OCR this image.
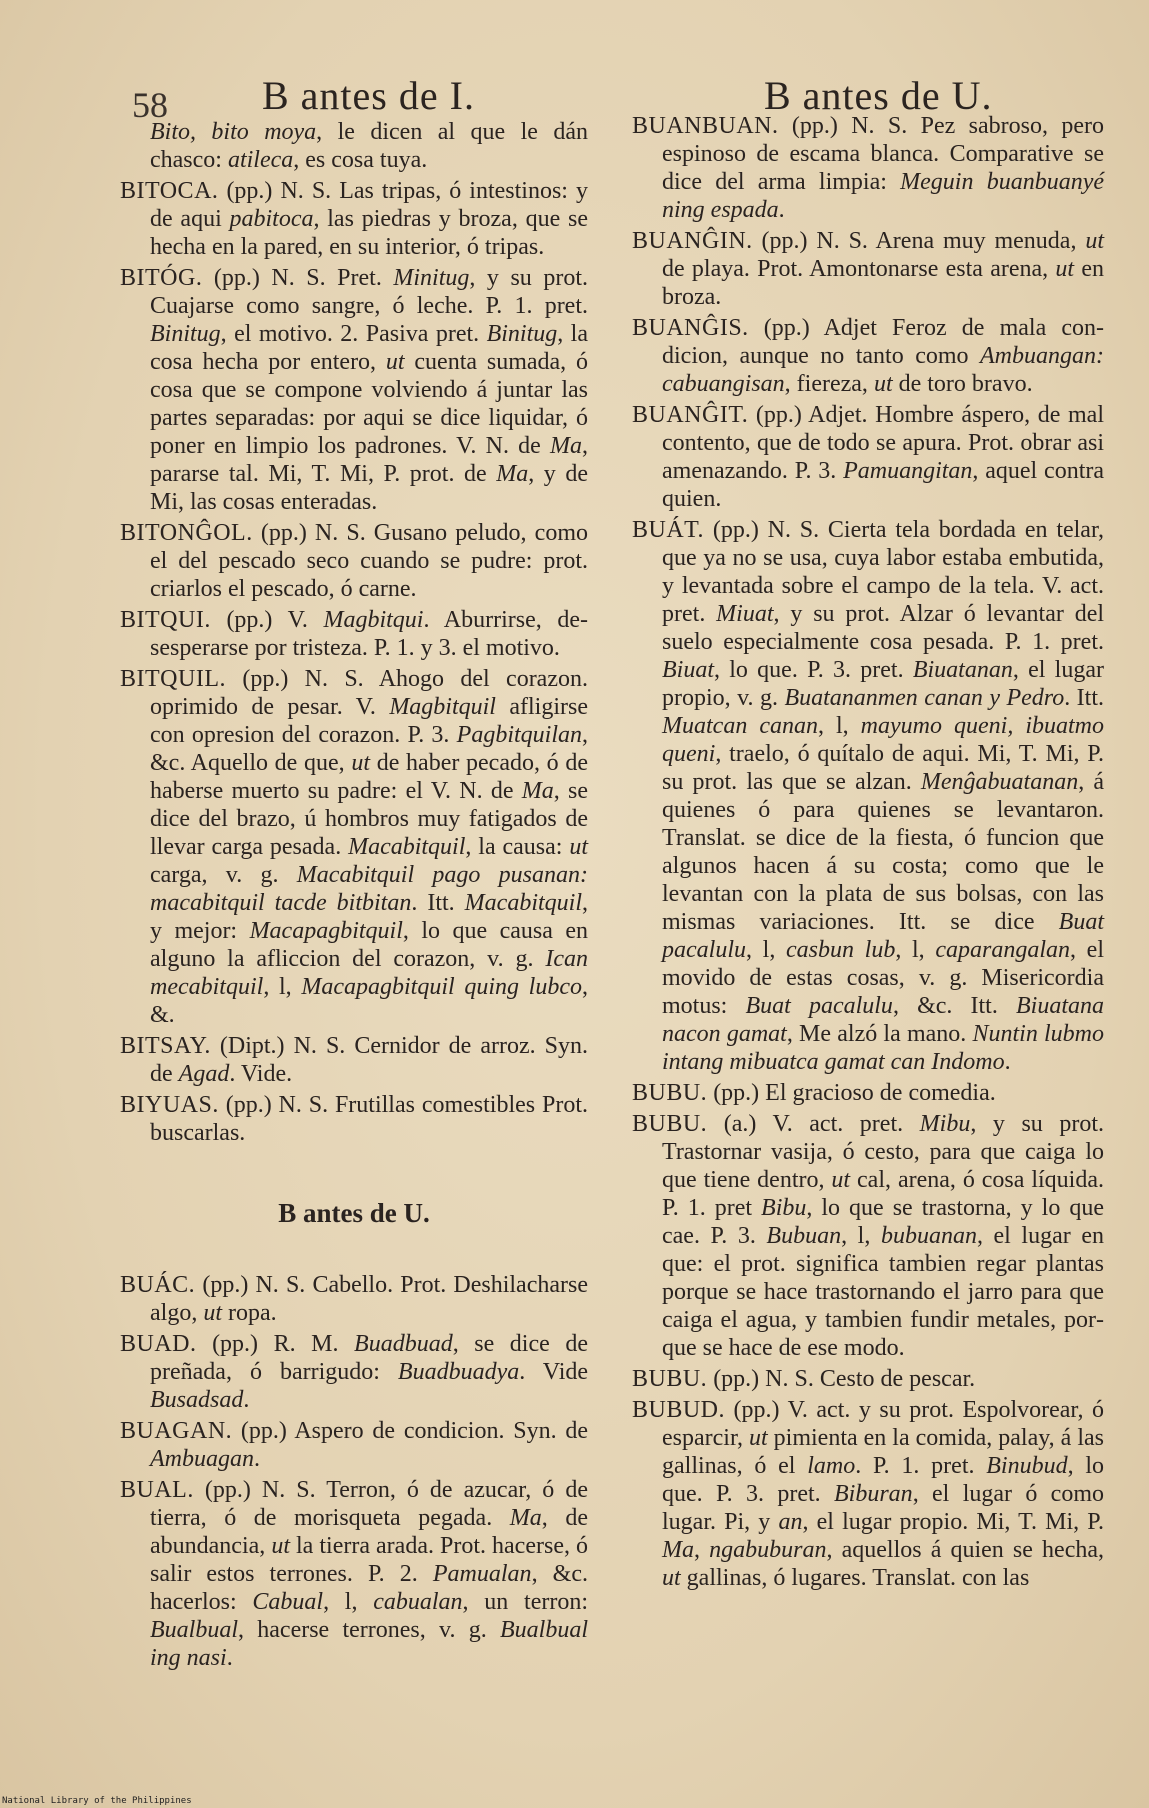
58 B antes de I.	B antes de U.

Bito, bito moya, le dicen al que le dán chasco: atileca, es cosa tuya.

BITOCA. (pp.) N. S. Las tripas, ó intestinos: y de aqui pabitoca, las piedras y broza, que se hecha en la pared, en su interior, ó tripas.

BITÓG. (pp.) N. S. Pret. Minitug, y su prot. Cuajarse como sangre, ó leche. P. 1. pret. Binitug, el motivo. 2. Pasiva pret. Binitug, la cosa hecha por entero, ut cuenta sumada, ó cosa que se compone volviendo á juntar las partes separadas: por aqui se dice liquidar, ó poner en limpio los padrones. V. N. de Ma, pararse tal. Mi, T. Mi, P. prot. de Ma, y de Mi, las cosas enteradas.

BITONĜOL. (pp.) N. S. Gusano peludo, como el del pescado seco cuando se pudre: prot. criarlos el pescado, ó carne.

BITQUI. (pp.) V. Magbitqui. Aburrirse, desesperarse por tristeza. P. 1. y 3. el motivo.

BITQUIL. (pp.) N. S. Ahogo del corazon. oprimido de pesar. V. Magbitquil afligirse con opresion del corazon. P. 3. Pagbitquilan, &c. Aquello de que, ut de haber pecado, ó de haberse muerto su padre: el V. N. de Ma, se dice del brazo, ú hombros muy fatigados de llevar carga pesada. Macabitquil, la causa: ut carga, v. g. Macabitquil pago pusanan: macabitquil tacde bitbitan. Itt. Macabitquil, y mejor: Macapagbitquil, lo que causa en alguno la afliccion del corazon, v. g. Ican mecabitquil, l, Macapagbitquil quing lubco, &.

BITSAY. (Dipt.) N. S. Cernidor de arroz. Syn. de Agad. Vide.

BIYUAS. (pp.) N. S. Frutillas comestibles Prot. buscarlas.

B antes de U.

BUÁC. (pp.) N. S. Cabello. Prot. Deshilacharse algo, ut ropa.

BUAD. (pp.) R. M. Buadbuad, se dice de preñada, ó barrigudo: Buadbuadya. Vide Busadsad.

BUAGAN. (pp.) Aspero de condicion. Syn. de Ambuagan.

BUAL. (pp.) N. S. Terron, ó de azucar, ó de tierra, ó de morisqueta pegada. Ma, de abundancia, ut la tierra arada. Prot. hacerse, ó salir estos terrones. P. 2. Pamualan, &c. hacerlos: Cabual, l, cabualan, un terron: Bualbual, hacerse terrones, v. g. Bualbual ing nasi.

BUANBUAN. (pp.) N. S. Pez sabroso, pero espinoso de escama blanca. Comparative se dice del arma limpia: Meguin buanbuanyé ning espada.

BUANĜIN. (pp.) N. S. Arena muy menuda, ut de playa. Prot. Amontonarse esta arena, ut en broza.

BUANĜIS. (pp.) Adjet Feroz de mala condicion, aunque no tanto como Ambuangan: cabuangisan, fiereza, ut de toro bravo.

BUANĜIT. (pp.) Adjet. Hombre áspero, de mal contento, que de todo se apura. Prot. obrar asi amenazando. P. 3. Pamuangitan, aquel contra quien.

BUÁT. (pp.) N. S. Cierta tela bordada en telar, que ya no se usa, cuya labor estaba embutida, y levantada sobre el campo de la tela. V. act. pret. Miuat, y su prot. Alzar ó levantar del suelo especialmente cosa pesada. P. 1. pret. Biuat, lo que. P. 3. pret. Biuatanan, el lugar propio, v. g. Buatananmen canan y Pedro. Itt. Muatcan canan, l, mayumo queni, ibuatmo queni, traelo, ó quítalo de aqui. Mi, T. Mi, P. su prot. las que se alzan. Menĝabuatanan, á quienes ó para quienes se levantaron. Translat. se dice de la fiesta, ó funcion que algunos hacen á su costa; como que le levantan con la plata de sus bolsas, con las mismas variaciones. Itt. se dice Buat pacalulu, l, casbun lub, l, caparangalan, el movido de estas cosas, v. g. Misericordia motus: Buat pacalulu, &c. Itt. Biuatana nacon gamat, Me alzó la mano. Nuntin lubmo intang mibuatca gamat can Indomo.

BUBU. (pp.) El gracioso de comedia.

BUBU. (a.) V. act. pret. Mibu, y su prot. Trastornar vasija, ó cesto, para que caiga lo que tiene dentro, ut cal, arena, ó cosa líquida. P. 1. pret Bibu, lo que se trastorna, y lo que cae. P. 3. Bubuan, l, bubuanan, el lugar en que: el prot. significa tambien regar plantas porque se hace trastornando el jarro para que caiga el agua, y tambien fundir metales, porque se hace de ese modo.

BUBU. (pp.) N. S. Cesto de pescar.

BUBUD. (pp.) V. act. y su prot. Espolvorear, ó esparcir, ut pimienta en la comida, palay, á las gallinas, ó el lamo. P. 1. pret. Binubud, lo que. P. 3. pret. Biburan, el lugar ó como lugar. Pi, y an, el lugar propio. Mi, T. Mi, P. Ma, ngabuburan, aquellos á quien se hecha, ut gallinas, ó lugares. Translat. con las

National Library of the Philippines
